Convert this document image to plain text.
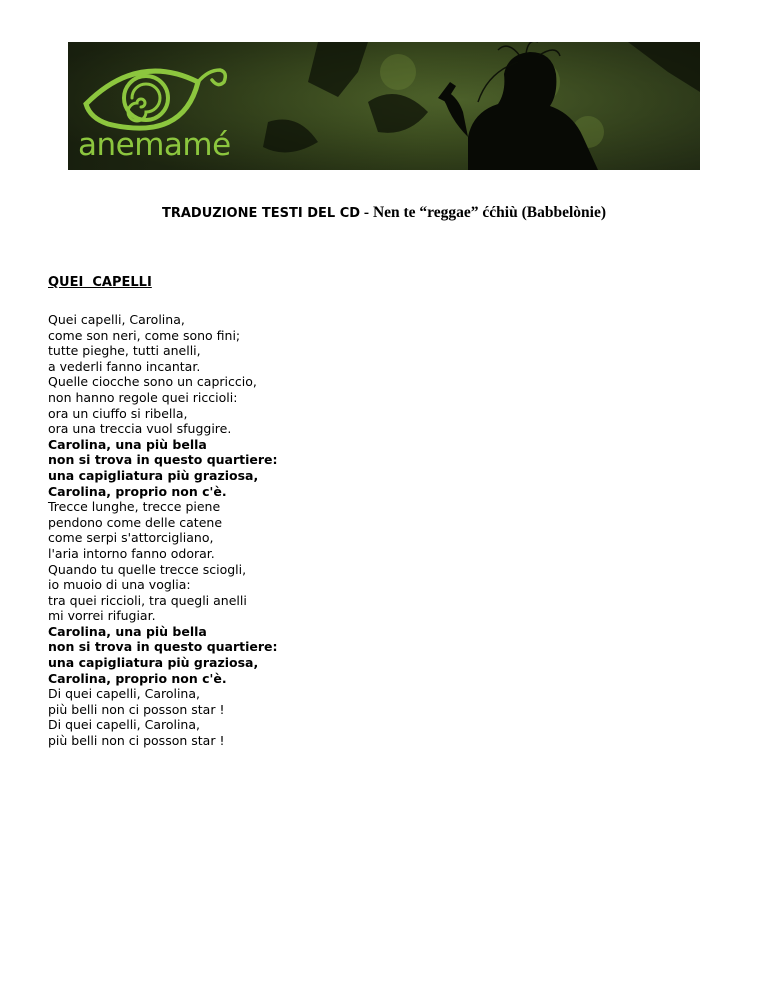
anemamé
TRADUZIONE TESTI DEL CD - Nen te “reggae” ććhiù (Babbelònie)
QUEI  CAPELLI
Quei capelli, Carolina,
come son neri, come sono fini;
tutte pieghe, tutti anelli,
a vederli fanno incantar.
Quelle ciocche sono un capriccio,
non hanno regole quei riccioli:
ora un ciuffo si ribella,
ora una treccia vuol sfuggire.
Carolina, una più bella
non si trova in questo quartiere:
una capigliatura più graziosa,
Carolina, proprio non c'è.
Trecce lunghe, trecce piene
pendono come delle catene
come serpi s'attorcigliano,
l'aria intorno fanno odorar.
Quando tu quelle trecce sciogli,
io muoio di una voglia:
tra quei riccioli, tra quegli anelli
mi vorrei rifugiar.
Carolina, una più bella
non si trova in questo quartiere:
una capigliatura più graziosa,
Carolina, proprio non c'è.
Di quei capelli, Carolina,
più belli non ci posson star !
Di quei capelli, Carolina,
più belli non ci posson star !
